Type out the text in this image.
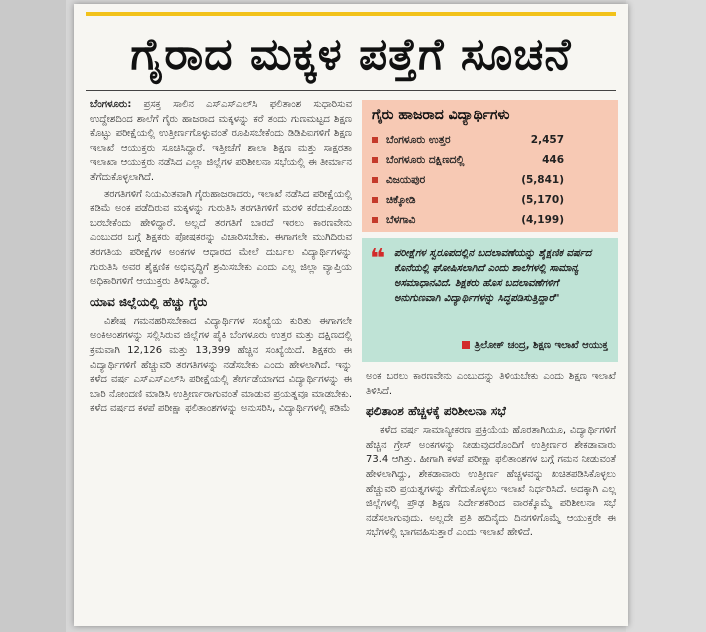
ಗೈರಾದ ಮಕ್ಕಳ ಪತ್ತೆಗೆ ಸೂಚನೆ

ಬೆಂಗಳೂರು: ಪ್ರಸಕ್ತ ಸಾಲಿನ ಎಸ್ಎಸ್ಎಲ್‌ಸಿ ಫಲಿತಾಂಶ ಸುಧಾರಿಸುವ ಉದ್ದೇಶದಿಂದ ಶಾಲೆಗೆ ಗೈರು ಹಾಜರಾದ ಮಕ್ಕಳನ್ನು ಕರೆ ತಂದು ಗುಣಮಟ್ಟದ ಶಿಕ್ಷಣ ಕೊಟ್ಟು ಪರೀಕ್ಷೆಯಲ್ಲಿ ಉತ್ತೀರ್ಣಗೊಳ್ಳುವಂತೆ ರೂಪಿಸಬೇಕೆಂದು ಡಿಡಿಪಿಐಗಳಿಗೆ ಶಿಕ್ಷಣ ಇಲಾಖೆ ಆಯುಕ್ತರು ಸೂಚಿಸಿದ್ದಾರೆ. ಇತ್ತೀಚೆಗೆ ಶಾಲಾ ಶಿಕ್ಷಣ ಮತ್ತು ಸಾಕ್ಷರತಾ ಇಲಾಖಾ ಆಯುಕ್ತರು ನಡೆಸಿದ ಎಲ್ಲಾ ಜಿಲ್ಲೆಗಳ ಪರಿಶೀಲನಾ ಸಭೆಯಲ್ಲಿ ಈ ತೀರ್ಮಾನ ತೆಗೆದುಕೊಳ್ಳಲಾಗಿದೆ.

ತರಗತಿಗಳಿಗೆ ನಿಯಮಿತವಾಗಿ ಗೈರುಹಾಜರಾದರು, ಇಲಾಖೆ ನಡೆಸಿದ ಪರೀಕ್ಷೆಯಲ್ಲಿ ಕಡಿಮೆ ಅಂಕ ಪಡೆದಿರುವ ಮಕ್ಕಳನ್ನು ಗುರುತಿಸಿ ತರಗತಿಗಳಿಗೆ ಮರಳಿ ಕರೆದುಕೊಂಡು ಬರಬೇಕೆಂದು ಹೇಳಿದ್ದಾರೆ. ಅಲ್ಲದೆ ತರಗತಿಗೆ ಬಾರದೆ ಇರಲು ಕಾರಣವೇನು ಎಂಬುದರ ಬಗ್ಗೆ ಶಿಕ್ಷಕರು ಪೋಷಕರನ್ನು ವಿಚಾರಿಸಬೇಕು. ಈಗಾಗಲೇ ಮುಗಿದಿರುವ ತರಗತಿಯ ಪರೀಕ್ಷೆಗಳ ಅಂಕಗಳ ಆಧಾರದ ಮೇಲೆ ದುರ್ಬಲ ವಿದ್ಯಾರ್ಥಿಗಳನ್ನು ಗುರುತಿಸಿ ಅವರ ಶೈಕ್ಷಣಿಕ ಅಭಿವೃದ್ಧಿಗೆ ಶ್ರಮಿಸಬೇಕು ಎಂದು ಎಲ್ಲ ಜಿಲ್ಲಾ ವ್ಯಾಪ್ತಿಯ ಅಧಿಕಾರಿಗಳಿಗೆ ಆಯುಕ್ತರು ತಿಳಿಸಿದ್ದಾರೆ.

ಯಾವ ಜಿಲ್ಲೆಯಲ್ಲಿ ಹೆಚ್ಚು ಗೈರು

ವಿಶೇಷ ಗಮನಹರಿಸಬೇಕಾದ ವಿದ್ಯಾರ್ಥಿಗಳ ಸಂಖ್ಯೆಯ ಕುರಿತು ಈಗಾಗಲೇ ಅಂಕಿಅಂಶಗಳನ್ನು ಸಲ್ಲಿಸಿರುವ ಜಿಲ್ಲೆಗಳ ಪೈಕಿ ಬೆಂಗಳೂರು ಉತ್ತರ ಮತ್ತು ದಕ್ಷಿಣದಲ್ಲಿ ಕ್ರಮವಾಗಿ 12,126 ಮತ್ತು 13,399 ಹೆಚ್ಚಿನ ಸಂಖ್ಯೆಯಿದೆ. ಶಿಕ್ಷಕರು ಈ ವಿದ್ಯಾರ್ಥಿಗಳಿಗೆ ಹೆಚ್ಚುವರಿ ತರಗತಿಗಳನ್ನು ನಡೆಸಬೇಕು ಎಂದು ಹೇಳಲಾಗಿದೆ. ಇನ್ನು ಕಳೆದ ವರ್ಷ ಎಸ್ಎಸ್ಎಲ್‌ಸಿ ಪರೀಕ್ಷೆಯಲ್ಲಿ ತೇರ್ಗಡೆಯಾಗದ ವಿದ್ಯಾರ್ಥಿಗಳನ್ನು ಈ ಬಾರಿ ನೋಂದಣಿ ಮಾಡಿಸಿ ಉತ್ತೀರ್ಣರಾಗುವಂತೆ ಮಾಡುವ ಪ್ರಯತ್ನವೂ ಮಾಡಬೇಕು. ಕಳೆದ ವರ್ಷದ ಕಳಪೆ ಪರೀಕ್ಷಾ ಫಲಿತಾಂಶಗಳನ್ನು ಅನುಸರಿಸಿ, ವಿದ್ಯಾರ್ಥಿಗಳಲ್ಲಿ ಕಡಿಮೆ

ಗೈರು ಹಾಜರಾದ ವಿದ್ಯಾರ್ಥಿಗಳು
ಬೆಂಗಳೂರು ಉತ್ತರ	2,457
ಬೆಂಗಳೂರು ದಕ್ಷಿಣದಲ್ಲಿ	446
ವಿಜಯಪುರ	(5,841)
ಚಿಕ್ಕೋಡಿ	(5,170)
ಬೆಳಗಾವಿ	(4,199)
❝ ಪರೀಕ್ಷೆಗಳ ಸ್ವರೂಪದಲ್ಲಿನ ಬದಲಾವಣೆಯನ್ನು ಶೈಕ್ಷಣಿಕ ವರ್ಷದ ಕೊನೆಯಲ್ಲಿ ಘೋಷಿಸಲಾಗಿದೆ ಎಂದು ಶಾಲೆಗಳಲ್ಲಿ ಸಾಮಾನ್ಯ ಅಸಮಾಧಾನವಿದೆ. ಶಿಕ್ಷಕರು ಹೊಸ ಬದಲಾವಣೆಗಳಿಗೆ ಅನುಗುಣವಾಗಿ ವಿದ್ಯಾರ್ಥಿಗಳನ್ನು ಸಿದ್ಧಪಡಿಸುತ್ತಿದ್ದಾರೆ"
ತ್ರಿಲೋಕ್ ಚಂದ್ರ, ಶಿಕ್ಷಣ ಇಲಾಖೆ ಆಯುಕ್ತ

ಅಂಕ ಬರಲು ಕಾರಣವೇನು ಎಂಬುದನ್ನು ತಿಳಿಯಬೇಕು ಎಂದು ಶಿಕ್ಷಣ ಇಲಾಖೆ ತಿಳಿಸಿದೆ.

ಫಲಿತಾಂಶ ಹೆಚ್ಚಳಕ್ಕೆ ಪರಿಶೀಲನಾ ಸಭೆ

ಕಳೆದ ವರ್ಷ ಸಾಮಾನ್ಯೀಕರಣ ಪ್ರಕ್ರಿಯೆಯ ಹೊರತಾಗಿಯೂ, ವಿದ್ಯಾರ್ಥಿಗಳಿಗೆ ಹೆಚ್ಚಿನ ಗ್ರೇಸ್ ಅಂಕಗಳನ್ನು ನೀಡುವುದರೊಂದಿಗೆ ಉತ್ತೀರ್ಣರ ಶೇಕಡಾವಾರು 73.4 ಆಗಿತ್ತು. ಹೀಗಾಗಿ ಕಳಪೆ ಪರೀಕ್ಷಾ ಫಲಿತಾಂಶಗಳ ಬಗ್ಗೆ ಗಮನ ನೀಡುವಂತೆ ಹೇಳಲಾಗಿದ್ದು, ಶೇಕಡಾವಾರು ಉತ್ತೀರ್ಣ ಹೆಚ್ಚಳವನ್ನು ಖಚಿತಪಡಿಸಿಕೊಳ್ಳಲು ಹೆಚ್ಚುವರಿ ಪ್ರಯತ್ನಗಳನ್ನು ತೆಗೆದುಕೊಳ್ಳಲು ಇಲಾಖೆ ನಿರ್ಧರಿಸಿದೆ. ಅದಕ್ಕಾಗಿ ಎಲ್ಲ ಜಿಲ್ಲೆಗಳಲ್ಲಿ ಪ್ರೌಢ ಶಿಕ್ಷಣ ನಿರ್ದೇಶಕರಿಂದ ವಾರಕ್ಕೊಮ್ಮೆ ಪರಿಶೀಲನಾ ಸಭೆ ನಡೆಸಲಾಗುವುದು. ಅಲ್ಲದೇ ಪ್ರತಿ ಹದಿನೈದು ದಿನಗಳಿಗೊಮ್ಮೆ ಆಯುಕ್ತರೇ ಈ ಸಭೆಗಳಲ್ಲಿ ಭಾಗವಹಿಸುತ್ತಾರೆ ಎಂದು ಇಲಾಖೆ ಹೇಳಿದೆ.
